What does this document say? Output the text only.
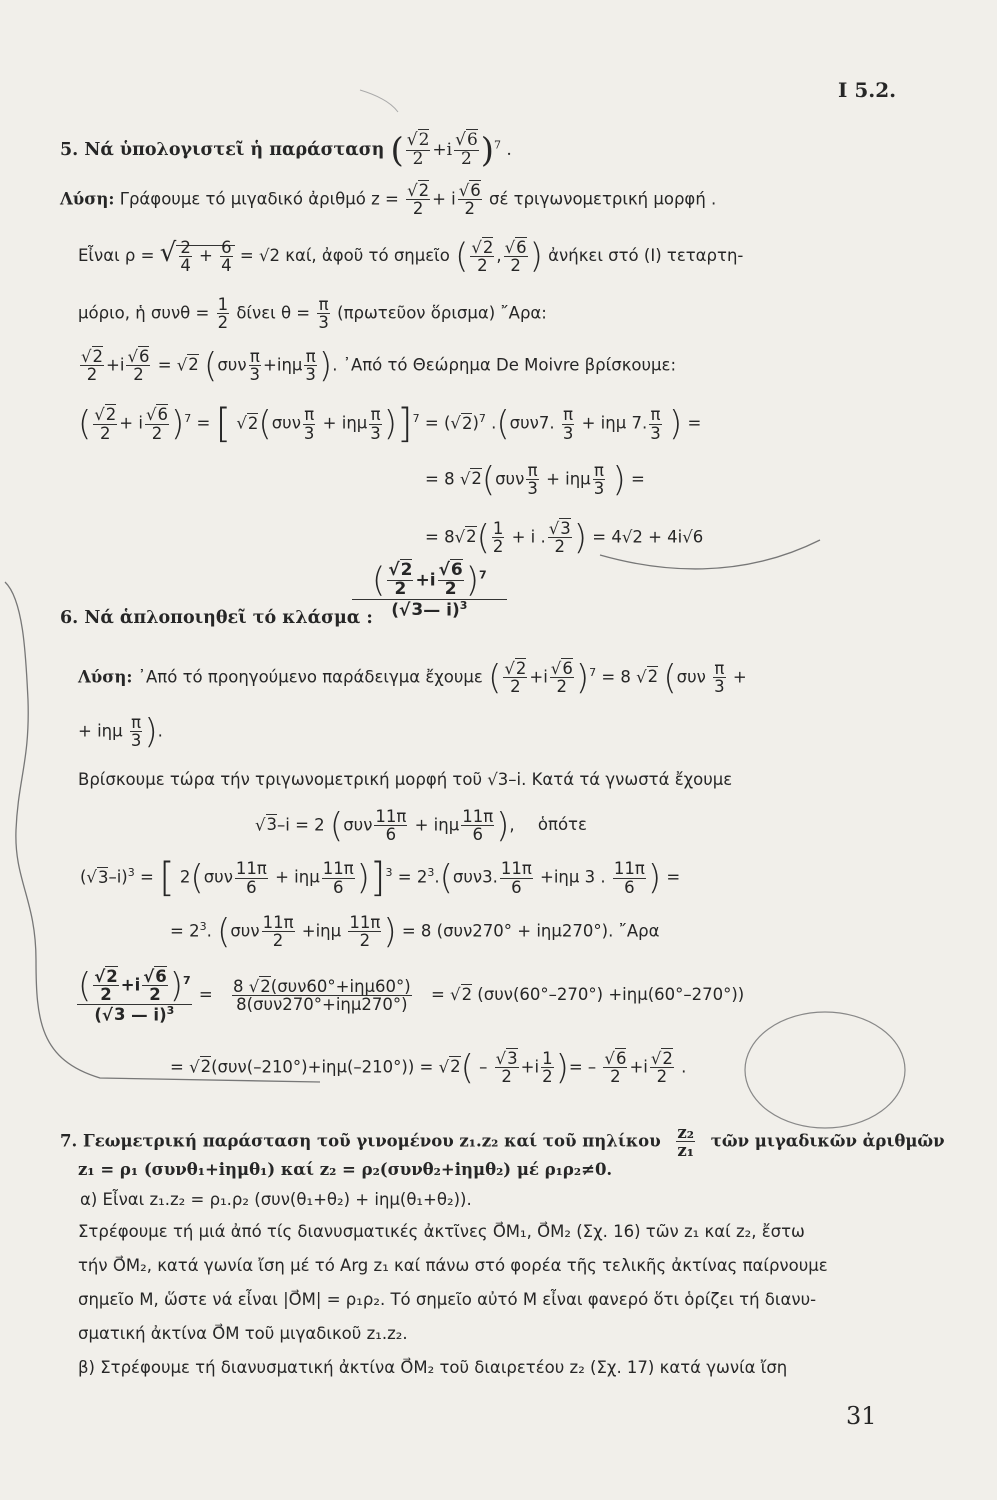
I 5.2.
5. Νά ὑπολογιστεῖ ἡ παράσταση ( $\frac{√2}{2} +i \frac{√6}{2} )^7$ .
Λύση: Γράφουμε τό μιγαδικό ἀριθμό $z = \frac{√2}{2} + i \frac{√6}{2}$ σέ τριγωνομετρική μορφή .
Εἶναι ρ = √ $\frac{2}{4} + \frac{6}{4} = √2$ καί, ἀφοῦ τό σημεῖο ( $\frac{√2}{2}$ , $\frac{√6}{2}$ ) ἀνήκει στό (Ι) τεταρτη-
μόριο, ἡ $\sigma\upsilon\nu\theta = \frac{1}{2}$ δίνει $\theta = \frac{\pi}{3}$ (πρωτεῦον ὅρισμα) ῎Αρα:
$\frac{√2}{2} +i \frac{√6}{2} = √2$ ($\sigma\upsilon\nu \frac{\pi}{3} +i\eta\mu \frac{\pi}{3}$ ). ᾿Από τό Θεώρημα De Moivre βρίσκουμε:
( $\frac{√2}{2} + i \frac{√6}{2} )^7$ = [ $√2(\sigma\upsilon\nu \frac{\pi}{3} + i\eta\mu \frac{\pi}{3} )]^7 = (√2)^7$ .(συν7. $\frac{\pi}{3} + i\eta\mu$ 7. $\frac{\pi}{3}$ ) =
= 8 $√2(\sigma\upsilon\nu \frac{\pi}{3} + i\eta\mu \frac{\pi}{3}$ ) =
= $8√2( \frac{1}{2} + i$ . $\frac{√3}{2}$ ) = 4√2 + 4i√6
6. Νά ἁπλοποιηθεῖ τό κλάσμα :
$\frac{( \frac{√2}{2} +i \frac{√6}{2} )^7}{(√3— i)^3}$
Λύση: ᾿Από τό προηγούμενο παράδειγμα ἔχουμε ( $\frac{√2}{2} +i \frac{√6}{2} )^7 = 8$ √2 ($\sigma\upsilon\nu \frac{\pi}{3}$ +
+ iημ $\frac{\pi}{3}$ ).
Βρίσκουμε τώρα τήν τριγωνομετρική μορφή τοῦ √3–i. Κατά τά γνωστά ἔχουμε
√3–i = 2 ($\sigma\upsilon\nu \frac{11\pi}{6} + i\eta\mu \frac{11\pi}{6}$ ), ὁπότε
$(√3-i)^3$ = [ $2(\sigma\upsilon\nu \frac{11\pi}{6} + i\eta\mu \frac{11\pi}{6} )]^3 = 2^3.(\sigma\upsilon\nu 3$. $\frac{11\pi}{6} +i\eta\mu$ 3 . $\frac{11\pi}{6}$ ) =
= $2^3$. ($\sigma\upsilon\nu \frac{11\pi}{2} +i\eta\mu \frac{11\pi}{2}$ ) = 8 (συν270° + iημ270°). ῎Αρα
$\frac{( \frac{√2}{2} +i \frac{√6}{2} )^7}{(√3 — i)^3} = 8$ √2(συν60°+iημ60°)
8(συν270°+iημ270°)
= √2 (συν(60°–270°) +iημ(60°–270°))
= $√2(\sigma\upsilon\nu(-210^\circ)+i\eta\mu(-210^\circ)) = √2( - \frac{√3}{2} +i \frac{1}{2}$ )= – $\frac{√6}{2} +i \frac{√2}{2}$ .
7. Γεωμετρική παράσταση τοῦ γινομένου z₁.z₂ καί τοῦ πηλίκου $\frac{\text{z₂}}{\text{z₁}}$ τῶν μιγαδικῶν ἀριθμῶν
z₁ = ρ₁ (συνθ₁+iημθ₁) καί z₂ = ρ₂(συνθ₂+iημθ₂) μέ ρ₁ρ₂≠0.
α) Εἶναι z₁.z₂ = ρ₁.ρ₂ (συν(θ₁+θ₂) + iημ(θ₁+θ₂)).
Στρέφουμε τή μιά ἀπό τίς διανυσματικές ἀκτῖνες O⃗M₁, O⃗M₂ (Σχ. 16) τῶν z₁ καί z₂, ἔστω
τήν O⃗M₂, κατά γωνία ἴση μέ τό Arg z₁ καί πάνω στό φορέα τῆς τελικῆς ἀκτίνας παίρνουμε
σημεῖο Μ, ὥστε νά εἶναι |O⃗M| = ρ₁ρ₂. Τό σημεῖο αὐτό Μ εἶναι φανερό ὅτι ὁρίζει τή διανυ-
σματική ἀκτίνα O⃗M τοῦ μιγαδικοῦ z₁.z₂.
β) Στρέφουμε τή διανυσματική ἀκτίνα O⃗M₂ τοῦ διαιρετέου z₂ (Σχ. 17) κατά γωνία ἴση
31
